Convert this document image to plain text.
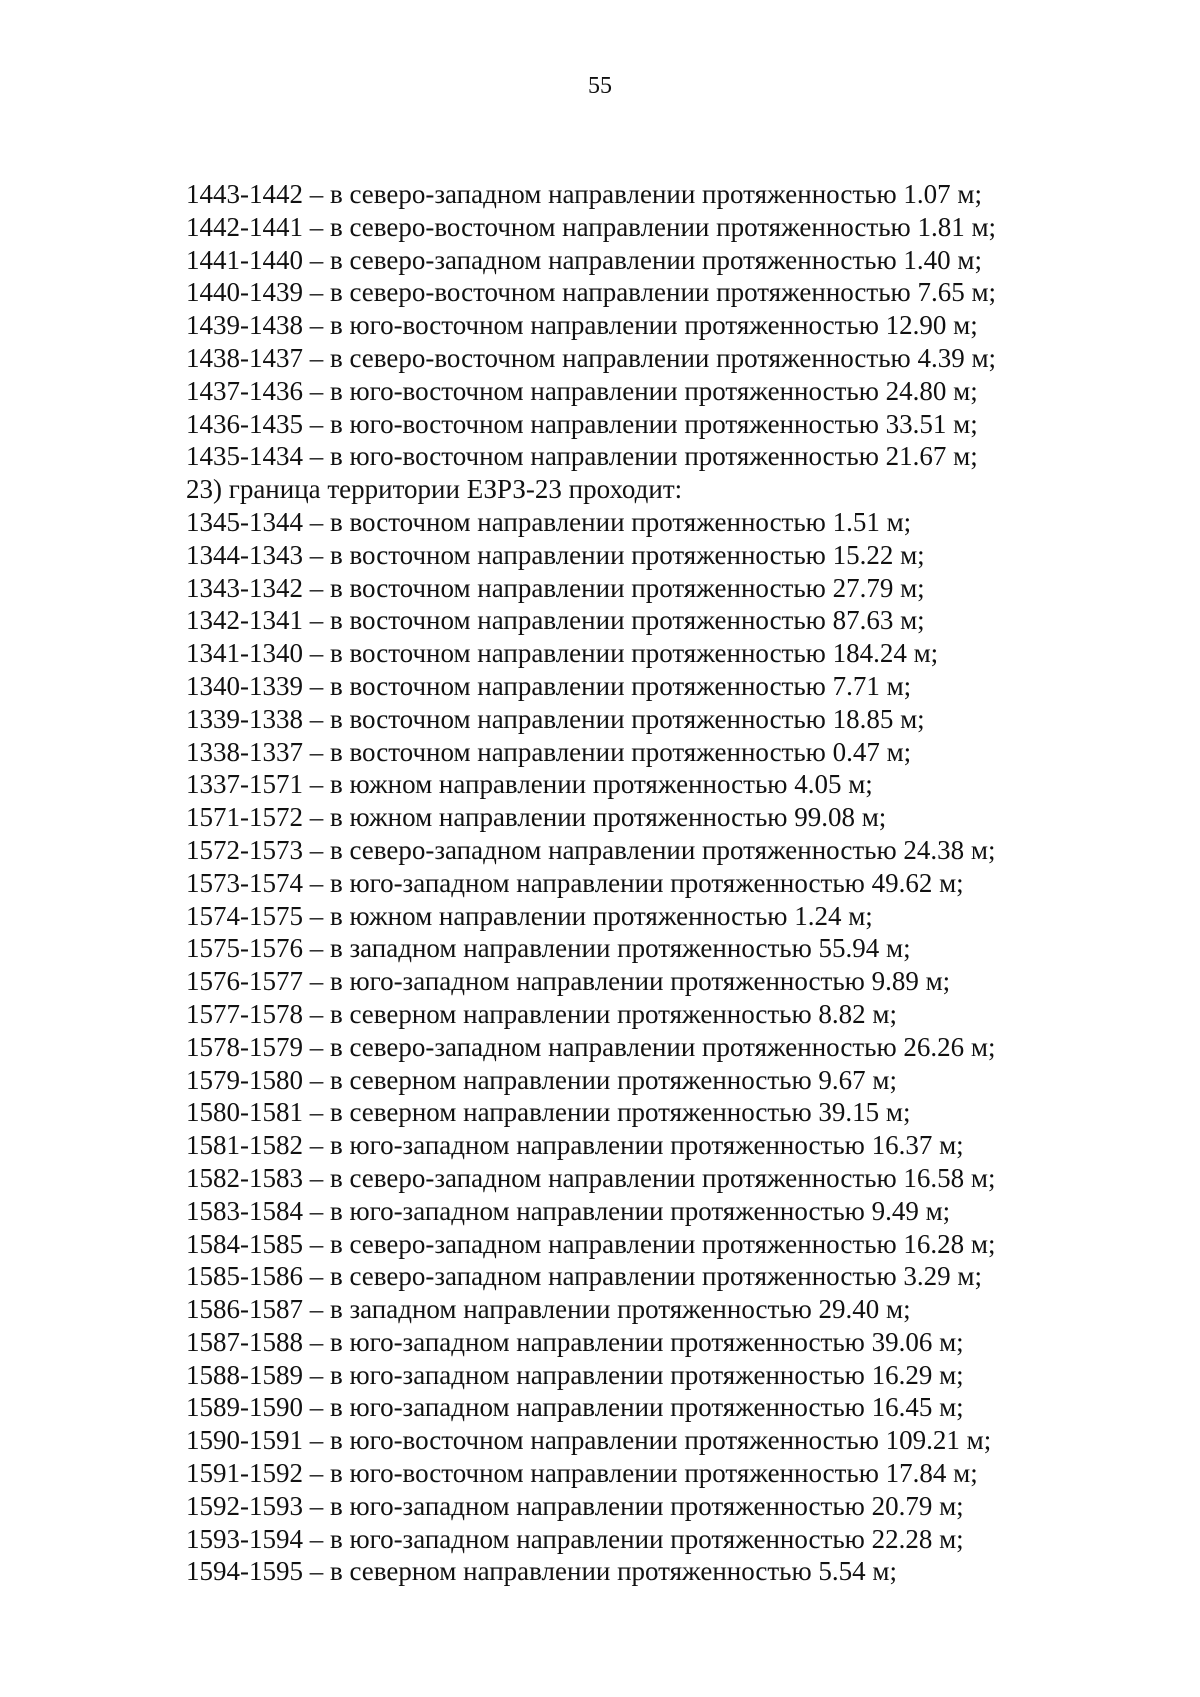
55
1443-1442 – в северо-западном направлении протяженностью 1.07 м;
1442-1441 – в северо-восточном направлении протяженностью 1.81 м;
1441-1440 – в северо-западном направлении протяженностью 1.40 м;
1440-1439 – в северо-восточном направлении протяженностью 7.65 м;
1439-1438 – в юго-восточном направлении протяженностью 12.90 м;
1438-1437 – в северо-восточном направлении протяженностью 4.39 м;
1437-1436 – в юго-восточном направлении протяженностью 24.80 м;
1436-1435 – в юго-восточном направлении протяженностью 33.51 м;
1435-1434 – в юго-восточном направлении протяженностью 21.67 м;
23) граница территории ЕЗРЗ-23 проходит:
1345-1344 – в восточном направлении протяженностью 1.51 м;
1344-1343 – в восточном направлении протяженностью 15.22 м;
1343-1342 – в восточном направлении протяженностью 27.79 м;
1342-1341 – в восточном направлении протяженностью 87.63 м;
1341-1340 – в восточном направлении протяженностью 184.24 м;
1340-1339 – в восточном направлении протяженностью 7.71 м;
1339-1338 – в восточном направлении протяженностью 18.85 м;
1338-1337 – в восточном направлении протяженностью 0.47 м;
1337-1571 – в южном направлении протяженностью 4.05 м;
1571-1572 – в южном направлении протяженностью 99.08 м;
1572-1573 – в северо-западном направлении протяженностью 24.38 м;
1573-1574 – в юго-западном направлении протяженностью 49.62 м;
1574-1575 – в южном направлении протяженностью 1.24 м;
1575-1576 – в западном направлении протяженностью 55.94 м;
1576-1577 – в юго-западном направлении протяженностью 9.89 м;
1577-1578 – в северном направлении протяженностью 8.82 м;
1578-1579 – в северо-западном направлении протяженностью 26.26 м;
1579-1580 – в северном направлении протяженностью 9.67 м;
1580-1581 – в северном направлении протяженностью 39.15 м;
1581-1582 – в юго-западном направлении протяженностью 16.37 м;
1582-1583 – в северо-западном направлении протяженностью 16.58 м;
1583-1584 – в юго-западном направлении протяженностью 9.49 м;
1584-1585 – в северо-западном направлении протяженностью 16.28 м;
1585-1586 – в северо-западном направлении протяженностью 3.29 м;
1586-1587 – в западном направлении протяженностью 29.40 м;
1587-1588 – в юго-западном направлении протяженностью 39.06 м;
1588-1589 – в юго-западном направлении протяженностью 16.29 м;
1589-1590 – в юго-западном направлении протяженностью 16.45 м;
1590-1591 – в юго-восточном направлении протяженностью 109.21 м;
1591-1592 – в юго-восточном направлении протяженностью 17.84 м;
1592-1593 – в юго-западном направлении протяженностью 20.79 м;
1593-1594 – в юго-западном направлении протяженностью 22.28 м;
1594-1595 – в северном направлении протяженностью 5.54 м;
